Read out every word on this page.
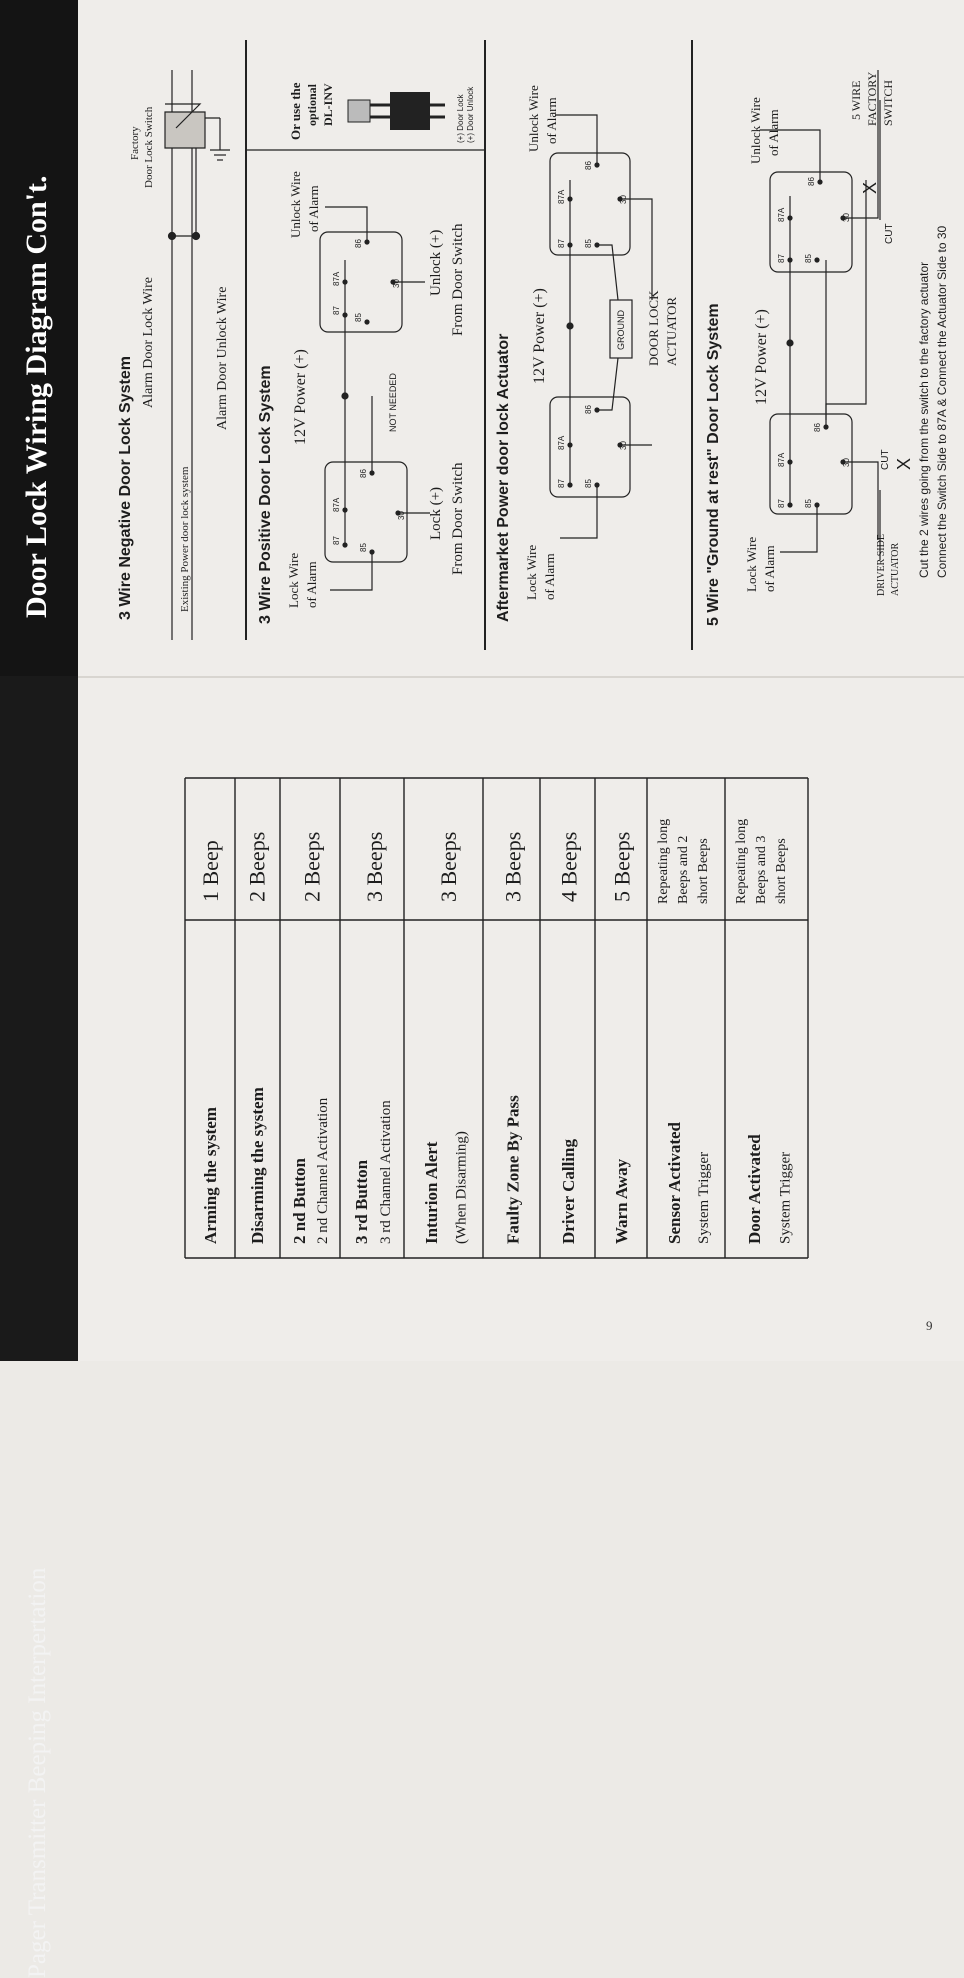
Door Lock Wiring Diagram Con't.
Pager Transmitter Beeping Interpertation
3 Wire Negative Door Lock System
Alarm Door Lock Wire
Existing Power door lock system
Alarm Door Unlock Wire
Factory Door Lock Switch
3 Wire Positive Door Lock System Lock Wire of Alarm
12V Power (+)
Unlock Wire of Alarm
NOT NEEDED
Lock (+) From Door Switch
Unlock (+) From Door Switch
Or use the optional DL-INV	(+) Door Lock (+) Door Unlock
Aftermarket Power door lock Actuator Lock Wire of Alarm
12V Power (+)
Unlock Wire of Alarm
GROUND DOOR LOCK ACTUATOR 5 Wire "Ground at rest" Door Lock System Lock Wire of Alarm
12V Power (+)
Unlock Wire of Alarm
CUT X
CUT
X
DRIVER SIDE ACTUATOR
5 WIRE FACTORY SWITCH
Cut the 2 wires going from the switch to the factory actuator Connect the Switch Side to 87A & Connect the Actuator Side to 30
85
86
87
87A
30
85
86
87
87A	30
85
86
87
87A	30
85
86
87
87A	30
85
86
87
87A	30
85
86
87
87A	30
Arming the system
1 Beep
Disarming the system
2 Beeps
2 nd Button 2 nd Channel Activation
2 Beeps
3 rd Button 3 rd Channel Activation
3 Beeps
Inturion Alert (When Disarming)
3 Beeps
Faulty Zone By Pass
3 Beeps
Driver Calling
4 Beeps
Warn Away
5 Beeps
Sensor Activated System Trigger
Repeating long Beeps and 2 short Beeps
Door Activated System Trigger
Repeating long Beeps and 3 short Beeps
9
